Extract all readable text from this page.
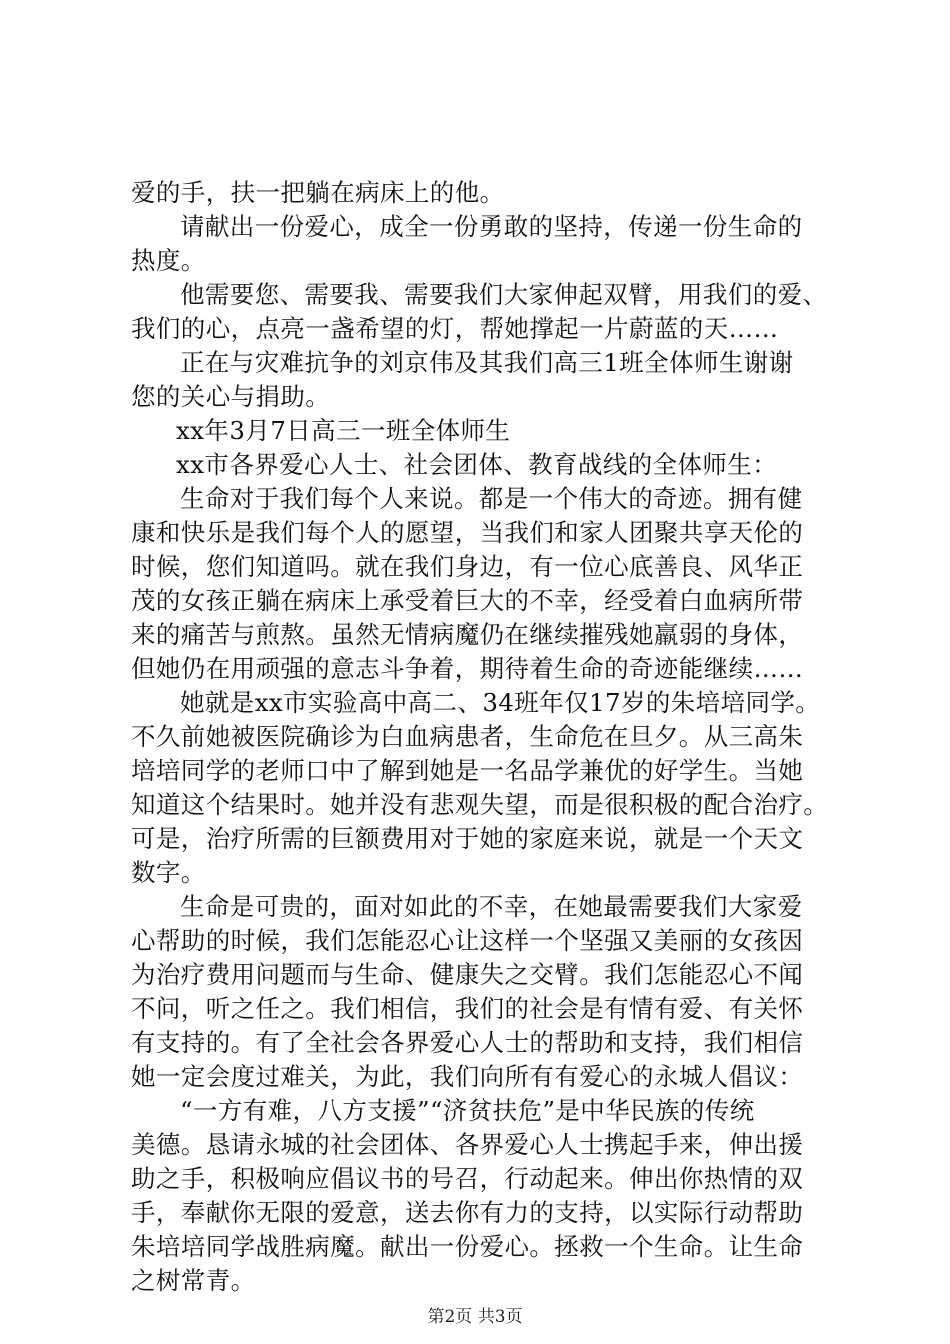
爱的手，扶一把躺在病床上的他。
请献出一份爱心，成全一份勇敢的坚持，传递一份生命的
热度。
他需要您、需要我、需要我们大家伸起双臂，用我们的爱、
我们的心，点亮一盏希望的灯，帮她撑起一片蔚蓝的天……
正在与灾难抗争的刘京伟及其我们高三1班全体师生谢谢
您的关心与捐助。
xx年3月7日高三一班全体师生
xx市各界爱心人士、社会团体、教育战线的全体师生：
生命对于我们每个人来说。都是一个伟大的奇迹。拥有健
康和快乐是我们每个人的愿望，当我们和家人团聚共享天伦的
时候，您们知道吗。就在我们身边，有一位心底善良、风华正
茂的女孩正躺在病床上承受着巨大的不幸，经受着白血病所带
来的痛苦与煎熬。虽然无情病魔仍在继续摧残她羸弱的身体，
但她仍在用顽强的意志斗争着，期待着生命的奇迹能继续……
她就是xx市实验高中高二、34班年仅17岁的朱培培同学。
不久前她被医院确诊为白血病患者，生命危在旦夕。从三高朱
培培同学的老师口中了解到她是一名品学兼优的好学生。当她
知道这个结果时。她并没有悲观失望，而是很积极的配合治疗。
可是，治疗所需的巨额费用对于她的家庭来说，就是一个天文
数字。
生命是可贵的，面对如此的不幸，在她最需要我们大家爱
心帮助的时候，我们怎能忍心让这样一个坚强又美丽的女孩因
为治疗费用问题而与生命、健康失之交臂。我们怎能忍心不闻
不问，听之任之。我们相信，我们的社会是有情有爱、有关怀
有支持的。有了全社会各界爱心人士的帮助和支持，我们相信
她一定会度过难关，为此，我们向所有有爱心的永城人倡议：
“一方有难，八方支援”“济贫扶危”是中华民族的传统
美德。恳请永城的社会团体、各界爱心人士携起手来，伸出援
助之手，积极响应倡议书的号召，行动起来。伸出你热情的双
手，奉献你无限的爱意，送去你有力的支持，以实际行动帮助
朱培培同学战胜病魔。献出一份爱心。拯救一个生命。让生命
之树常青。
第2页 共3页
